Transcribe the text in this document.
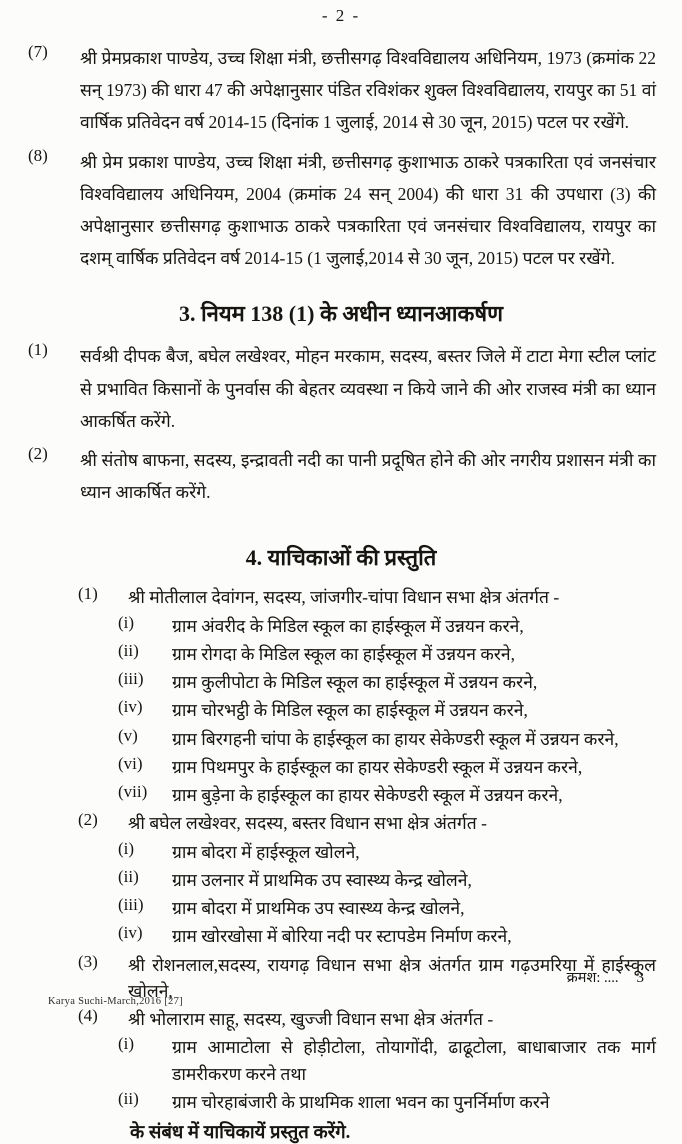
- 2 -
(7)	श्री प्रेमप्रकाश पाण्डेय, उच्च शिक्षा मंत्री, छत्तीसगढ़ विश्वविद्यालय अधिनियम, 1973 (क्रमांक 22 सन् 1973) की धारा 47 की अपेक्षानुसार पंडित रविशंकर शुक्ल विश्वविद्यालय, रायपुर का 51 वां वार्षिक प्रतिवेदन वर्ष 2014-15 (दिनांक 1 जुलाई, 2014 से 30 जून, 2015) पटल पर रखेंगे.
(8)	श्री प्रेम प्रकाश पाण्डेय, उच्च शिक्षा मंत्री, छत्तीसगढ़ कुशाभाऊ ठाकरे पत्रकारिता एवं जनसंचार विश्वविद्यालय अधिनियम, 2004 (क्रमांक 24 सन् 2004) की धारा 31 की उपधारा (3) की अपेक्षानुसार छत्तीसगढ़ कुशाभाऊ ठाकरे पत्रकारिता एवं जनसंचार विश्वविद्यालय, रायपुर का दशम् वार्षिक प्रतिवेदन वर्ष 2014-15 (1 जुलाई,2014 से 30 जून, 2015) पटल पर रखेंगे.
3. नियम 138 (1) के अधीन ध्यानआकर्षण
(1)	सर्वश्री दीपक बैज, बघेल लखेश्वर, मोहन मरकाम, सदस्य, बस्तर जिले में टाटा मेगा स्टील प्लांट से प्रभावित किसानों के पुनर्वास की बेहतर व्यवस्था न किये जाने की ओर राजस्व मंत्री का ध्यान आकर्षित करेंगे.
(2)	श्री संतोष बाफना, सदस्य, इन्द्रावती नदी का पानी प्रदूषित होने की ओर नगरीय प्रशासन मंत्री का ध्यान आकर्षित करेंगे.
4. याचिकाओं की प्रस्तुति
(1)	श्री मोतीलाल देवांगन, सदस्य, जांजगीर-चांपा विधान सभा क्षेत्र अंतर्गत -
(i)	ग्राम अंवरीद के मिडिल स्कूल का हाईस्कूल में उन्नयन करने,
(ii)	ग्राम रोगदा के मिडिल स्कूल का हाईस्कूल में उन्नयन करने,
(iii)	ग्राम कुलीपोटा के मिडिल स्कूल का हाईस्कूल में उन्नयन करने,
(iv)	ग्राम चोरभट्ठी के मिडिल स्कूल का हाईस्कूल में उन्नयन करने,
(v)	ग्राम बिरगहनी चांपा के हाईस्कूल का हायर सेकेण्डरी स्कूल में उन्नयन करने,
(vi)	ग्राम पिथमपुर के हाईस्कूल का हायर सेकेण्डरी स्कूल में उन्नयन करने,
(vii)	ग्राम बुड़ेना के हाईस्कूल का हायर सेकेण्डरी स्कूल में उन्नयन करने,
(2)	श्री बघेल लखेश्वर, सदस्य, बस्तर विधान सभा क्षेत्र अंतर्गत -
(i)	ग्राम बोदरा में हाईस्कूल खोलने,
(ii)	ग्राम उलनार में प्राथमिक उप स्वास्थ्य केन्द्र खोलने,
(iii)	ग्राम बोदरा में प्राथमिक उप स्वास्थ्य केन्द्र खोलने,
(iv)	ग्राम खोरखोसा में बोरिया नदी पर स्टापडेम निर्माण करने,
(3)	श्री रोशनलाल,सदस्य, रायगढ़ विधान सभा क्षेत्र अंतर्गत ग्राम गढ़उमरिया में हाईस्कूल खोलने,
(4)	श्री भोलाराम साहू, सदस्य, खुज्जी विधान सभा क्षेत्र अंतर्गत -
(i)	ग्राम आमाटोला से होड़ीटोला, तोयागोंदी, ढाढूटोला, बाधाबाजार तक मार्ग डामरीकरण करने तथा
(ii)	ग्राम चोरहाबंजारी के प्राथमिक शाला भवन का पुनर्निर्माण करने
के संबंध में याचिकायें प्रस्तुत करेंगे.
क्रमश: .... 3
Karya Suchi-March,2016 [27]
